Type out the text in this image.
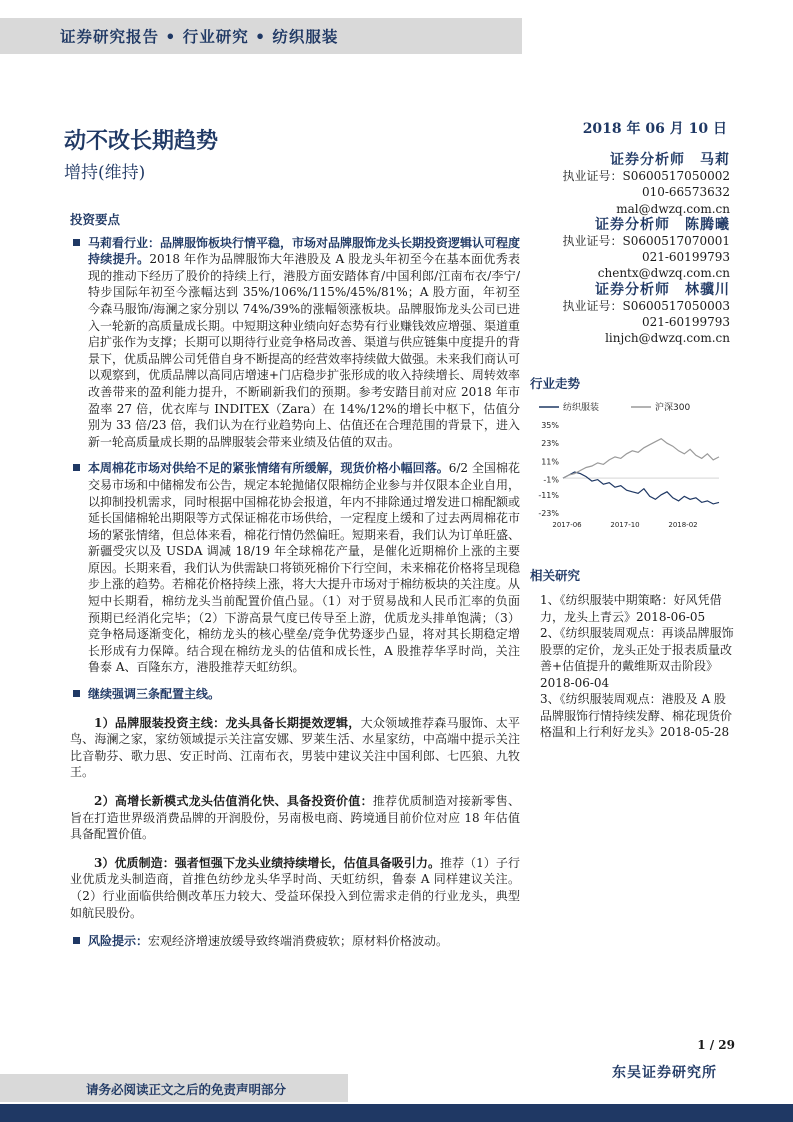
证券研究报告 • 行业研究 • 纺织服装
动不改长期趋势
增持(维持)
2018 年 06 月 10 日
证券分析师　马莉
执业证号：S0600517050002
010-66573632
mal@dwzq.com.cn
证券分析师　陈腾曦
执业证号：S0600517070001
021-60199793
chentx@dwzq.com.cn
证券分析师　林骥川
执业证号：S0600517050003
021-60199793
linjch@dwzq.com.cn
行业走势
纺织服装	沪深300
35%
23%
11%
-1%
-11%
-23%
2017-06	2017-10	2018-02
相关研究
1、《纺织服装中期策略：好风凭借力，龙头上青云》2018-06-05
2、《纺织服装周观点：再谈品牌服饰股票的定价，龙头正处于报表质量改善+估值提升的戴维斯双击阶段》2018-06-04
3、《纺织服装周观点：港股及 A 股品牌服饰行情持续发酵、棉花现货价格温和上行利好龙头》2018-05-28
投资要点
马莉看行业：品牌服饰板块行情平稳，市场对品牌服饰龙头长期投资逻辑认可程度持续提升。2018 年作为品牌服饰大年港股及 A 股龙头年初至今在基本面优秀表现的推动下经历了股价的持续上行，港股方面安踏体育/中国利郎/江南布衣/李宁/特步国际年初至今涨幅达到 35%/106%/115%/45%/81%；A 股方面，年初至今森马服饰/海澜之家分别以 74%/39%的涨幅领涨板块。品牌服饰龙头公司已进入一轮新的高质量成长期。中短期这种业绩向好态势有行业赚钱效应增强、渠道重启扩张作为支撑；长期可以期待行业竞争格局改善、渠道与供应链集中度提升的背景下，优质品牌公司凭借自身不断提高的经营效率持续做大做强。未来我们商认可以观察到，优质品牌以高同店增速+门店稳步扩张形成的收入持续增长、周转效率改善带来的盈利能力提升，不断刷新我们的预期。参考安踏目前对应 2018 年市盈率 27 倍，优衣库与 INDITEX（Zara）在 14%/12%的增长中枢下，估值分别为 33 倍/23 倍，我们认为在行业趋势向上、估值还在合理范围的背景下，进入新一轮高质量成长期的品牌服装会带来业绩及估值的双击。
本周棉花市场对供给不足的紧张情绪有所缓解，现货价格小幅回落。6/2 全国棉花交易市场和中储棉发布公告，规定本轮抛储仅限棉纺企业参与并仅限本企业自用，以抑制投机需求，同时根据中国棉花协会报道，年内不排除通过增发进口棉配额或延长国储棉轮出期限等方式保证棉花市场供给，一定程度上缓和了过去两周棉花市场的紧张情绪，但总体来看，棉花行情仍然偏旺。短期来看，我们认为订单旺盛、新疆受灾以及 USDA 调减 18/19 年全球棉花产量，是催化近期棉价上涨的主要原因。长期来看，我们认为供需缺口将锁死棉价下行空间，未来棉花价格将呈现稳步上涨的趋势。若棉花价格持续上涨，将大大提升市场对于棉纺板块的关注度。从短中长期看，棉纺龙头当前配置价值凸显。（1）对于贸易战和人民币汇率的负面预期已经消化完毕；（2）下游高景气度已传导至上游，优质龙头排单饱满；（3）竞争格局逐渐变化，棉纺龙头的核心壁垒/竞争优势逐步凸显，将对其长期稳定增长形成有力保障。结合现在棉纺龙头的估值和成长性，A 股推荐华孚时尚，关注鲁泰 A、百隆东方，港股推荐天虹纺织。
继续强调三条配置主线。
1）品牌服装投资主线：龙头具备长期提效逻辑，大众领域推荐森马服饰、太平鸟、海澜之家，家纺领域提示关注富安娜、罗莱生活、水星家纺，中高端中提示关注比音勒芬、歌力思、安正时尚、江南布衣，男装中建议关注中国利郎、七匹狼、九牧王。
2）高增长新模式龙头估值消化快、具备投资价值：推荐优质制造对接新零售、旨在打造世界级消费品牌的开润股份，另南极电商、跨境通目前价位对应 18 年估值具备配置价值。
3）优质制造：强者恒强下龙头业绩持续增长，估值具备吸引力。推荐（1）子行业优质龙头制造商，首推色纺纱龙头华孚时尚、天虹纺织，鲁泰 A 同样建议关注。（2）行业面临供给侧改革压力较大、受益环保投入到位需求走俏的行业龙头，典型如航民股份。
风险提示：宏观经济增速放缓导致终端消费疲软；原材料价格波动。
1 / 29
东吴证券研究所
请务必阅读正文之后的免责声明部分
